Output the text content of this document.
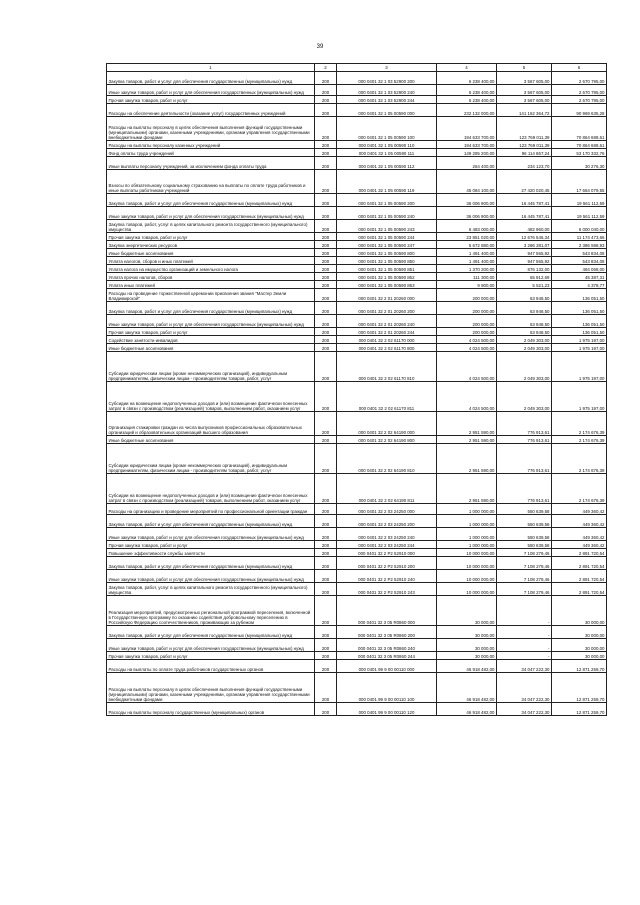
39
1	2	3	4	5	6
Закупка товаров, работ и услуг для обеспечения государственных (муниципальных) нужд	200	000 0401 32 1 03 52900 200	6 238 400,00	3 567 605,00	2 670 795,00
Иные закупки товаров, работ и услуг для обеспечения государственных (муниципальных) нужд	200	000 0401 32 1 03 52900 240	6 238 400,00	3 567 605,00	2 670 795,00
Прочая закупка товаров, работ и услуг	200	000 0401 32 1 03 52900 244	6 238 400,00	3 567 605,00	2 670 795,00
Расходы на обеспечение деятельности (оказание услуг) государственных учреждений	200	000 0401 32 1 05 00590 000	232 132 000,00	141 162 364,72	90 969 635,28
Расходы на выплаты персоналу в целях обеспечения выполнения функций государственными (муниципальными) органами, казенными учреждениями, органами управления государственными внебюджетными фондами	200	000 0401 32 1 05 00590 100	194 633 700,00	123 769 011,39	70 864 688,61
Расходы на выплаты персоналу казенных учреждений	200	000 0401 32 1 05 00590 110	194 633 700,00	123 769 011,39	70 864 688,61
Фонд оплаты труда учреждений	200	000 0401 32 1 05 00590 111	149 285 200,00	96 114 867,24	53 170 332,76
Иные выплаты персоналу учреждений, за исключением фонда оплаты труда	200	000 0401 32 1 05 00590 112	264 400,00	234 123,70	30 276,30
Взносы по обязательному социальному страхованию на выплаты по оплате труда работников и иные выплаты работникам учреждений	200	000 0401 32 1 05 00590 119	45 084 100,00	27 420 020,45	17 664 079,55
Закупка товаров, работ и услуг для обеспечения государственных (муниципальных) нужд	200	000 0401 32 1 05 00590 200	36 006 900,00	16 445 787,41	19 561 112,59
Иные закупки товаров, работ и услуг для обеспечения государственных (муниципальных) нужд	200	000 0401 32 1 05 00590 240	36 006 900,00	16 445 787,41	19 561 112,59
Закупка товаров, работ, услуг в целях капитального ремонта государственного (муниципального) имущества	200	000 0401 32 1 05 00590 243	6 483 000,00	482 960,00	6 000 040,00
Прочая закупка товаров, работ и услуг	200	000 0401 32 1 05 00590 244	23 851 020,00	12 676 546,34	11 174 473,66
Закупка энергетических ресурсов	200	000 0401 32 1 05 00590 247	5 672 880,00	3 286 281,07	2 386 598,93
Иные бюджетные ассигнования	200	000 0401 32 1 05 00590 800	1 491 400,00	947 565,92	543 834,08
Уплата налогов, сборов и иных платежей	200	000 0401 32 1 05 00590 850	1 491 400,00	947 565,92	543 834,08
Уплата налога на имущество организаций и земельного налога	200	000 0401 32 1 05 00590 851	1 370 200,00	876 132,00	494 068,00
Уплата прочих налогов, сборов	200	000 0401 32 1 05 00590 852	111 300,00	65 912,69	45 387,31
Уплата иных платежей	200	000 0401 32 1 05 00590 853	9 900,00	5 521,23	4 378,77
Расходы на проведение торжественной церемонии присвоения звания "Мастер Земли Владимирской"	200	000 0401 32 2 01 20260 000	200 000,00	63 948,50	136 051,50
Закупка товаров, работ и услуг для обеспечения государственных (муниципальных) нужд	200	000 0401 32 2 01 20260 200	200 000,00	63 948,50	136 051,50
Иные закупки товаров, работ и услуг для обеспечения государственных (муниципальных) нужд	200	000 0401 32 2 01 20260 240	200 000,00	63 948,50	136 051,50
Прочая закупка товаров, работ и услуг	200	000 0401 32 2 01 20260 244	200 000,00	63 948,50	136 051,50
Содействие занятости инвалидов	200	000 0401 32 2 02 61170 000	4 024 500,00	2 049 303,00	1 975 197,00
Иные бюджетные ассигнования	200	000 0401 32 2 02 61170 800	4 024 500,00	2 049 303,00	1 975 197,00
Субсидии юридическим лицам (кроме некоммерческих организаций), индивидуальным предпринимателям, физическим лицам - производителям товаров, работ, услуг	200	000 0401 32 2 02 61170 810	4 024 500,00	2 049 303,00	1 975 197,00
Субсидии на возмещение недополученных доходов и (или) возмещение фактически понесенных затрат в связи с производством (реализацией) товаров, выполнением работ, оказанием услуг	200	000 0401 32 2 02 61170 811	4 024 500,00	2 049 303,00	1 975 197,00
Организация стажировки граждан из числа выпускников профессиональных образовательных организаций и образовательных организаций высшего образования	200	000 0401 32 2 02 64190 000	2 951 590,00	776 913,61	2 174 676,39
Иные бюджетные ассигнования	200	000 0401 32 2 02 64190 800	2 951 590,00	776 913,61	2 174 676,39
Субсидии юридическим лицам (кроме некоммерческих организаций), индивидуальным предпринимателям, физическим лицам - производителям товаров, работ, услуг	200	000 0401 32 2 02 64190 810	2 951 590,00	776 913,61	2 174 676,39
Субсидии на возмещение недополученных доходов и (или) возмещение фактически понесенных затрат в связи с производством (реализацией) товаров, выполнением работ, оказанием услуг	200	000 0401 32 2 02 64190 811	2 951 590,00	776 913,61	2 174 676,39
Расходы на организацию и проведение мероприятий по профессиональной ориентации граждан	200	000 0401 32 2 03 24250 000	1 000 000,00	550 639,58	449 360,42
Закупка товаров, работ и услуг для обеспечения государственных (муниципальных) нужд	200	000 0401 32 2 03 24250 200	1 000 000,00	550 639,58	449 360,42
Иные закупки товаров, работ и услуг для обеспечения государственных (муниципальных) нужд	200	000 0401 32 2 03 24250 240	1 000 000,00	550 639,58	449 360,42
Прочая закупка товаров, работ и услуг	200	000 0401 32 2 03 24250 244	1 000 000,00	550 639,58	449 360,42
Повышение эффективности службы занятости	200	000 0401 32 2 P2 52910 000	10 000 000,00	7 108 279,46	2 891 720,54
Закупка товаров, работ и услуг для обеспечения государственных (муниципальных) нужд	200	000 0401 32 2 P2 52910 200	10 000 000,00	7 108 279,46	2 891 720,54
Иные закупки товаров, работ и услуг для обеспечения государственных (муниципальных) нужд	200	000 0401 32 2 P2 52910 240	10 000 000,00	7 108 279,46	2 891 720,54
Закупка товаров, работ, услуг в целях капитального ремонта государственного (муниципального) имущества	200	000 0401 32 2 P2 52910 243	10 000 000,00	7 108 279,46	2 891 720,54
Реализация мероприятий, предусмотренных региональной программой переселения, включенной в Государственную программу по оказанию содействия добровольному переселению в Российскую Федерацию соотечественников, проживающих за рубежом	200	000 0401 32 3 05 R0860 000	30 000,00	-	30 000,00
Закупка товаров, работ и услуг для обеспечения государственных (муниципальных) нужд	200	000 0401 32 3 05 R0860 200	30 000,00	-	30 000,00
Иные закупки товаров, работ и услуг для обеспечения государственных (муниципальных) нужд	200	000 0401 32 3 05 R0860 240	30 000,00	-	30 000,00
Прочая закупка товаров, работ и услуг	200	000 0401 32 3 05 R0860 244	30 000,00	-	30 000,00
Расходы на выплаты по оплате труда работников государственных органов	200	000 0401 99 9 00 00110 000	46 918 482,00	34 047 222,30	12 871 259,70
Расходы на выплаты персоналу в целях обеспечения выполнения функций государственными (муниципальными) органами, казенными учреждениями, органами управления государственными внебюджетными фондами	200	000 0401 99 9 00 00110 100	46 918 482,00	34 047 222,30	12 871 259,70
Расходы на выплаты персоналу государственных (муниципальных) органов	200	000 0401 99 9 00 00110 120	46 918 482,00	34 047 222,30	12 871 259,70
